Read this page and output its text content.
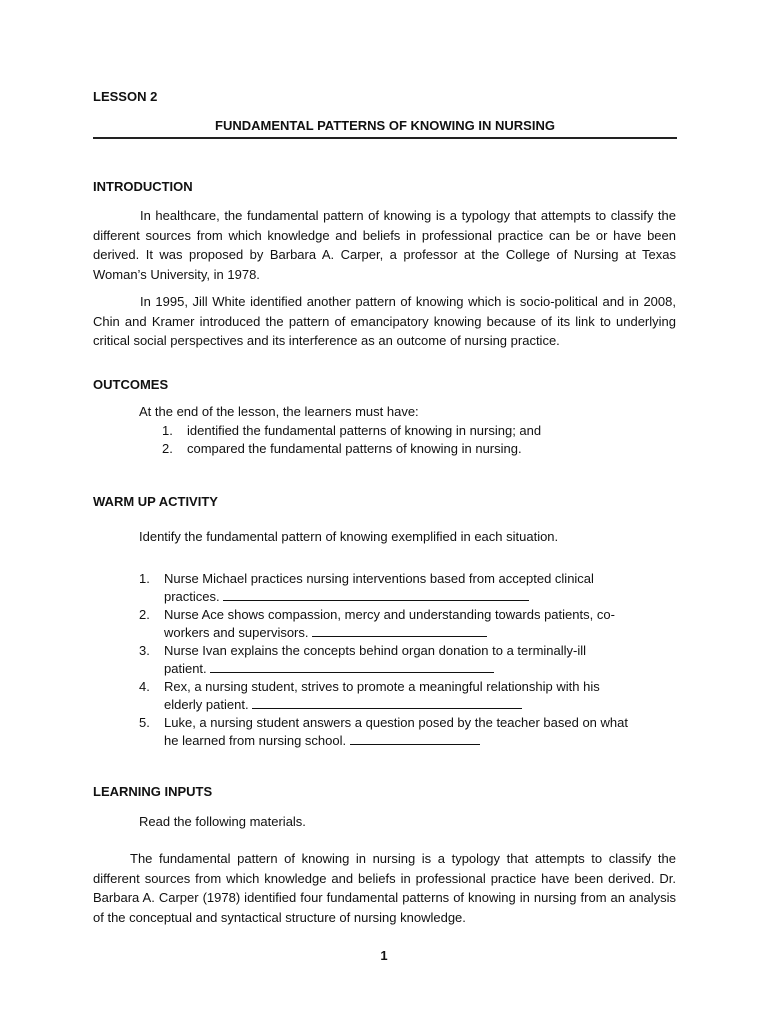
LESSON 2
FUNDAMENTAL PATTERNS OF KNOWING IN NURSING
INTRODUCTION
In healthcare, the fundamental pattern of knowing is a typology that attempts to classify the different sources from which knowledge and beliefs in professional practice can be or have been derived. It was proposed by Barbara A. Carper, a professor at the College of Nursing at Texas Woman’s University, in 1978.
In 1995, Jill White identified another pattern of knowing which is socio-political and in 2008, Chin and Kramer introduced the pattern of emancipatory knowing because of its link to underlying critical social perspectives and its interference as an outcome of nursing practice.
OUTCOMES
At the end of the lesson, the learners must have:
1. identified the fundamental patterns of knowing in nursing; and
2. compared the fundamental patterns of knowing in nursing.
WARM UP ACTIVITY
Identify the fundamental pattern of knowing exemplified in each situation.
1. Nurse Michael practices nursing interventions based from accepted clinical
practices.
2. Nurse Ace shows compassion, mercy and understanding towards patients, co-
workers and supervisors.
3. Nurse Ivan explains the concepts behind organ donation to a terminally-ill
patient.
4. Rex, a nursing student, strives to promote a meaningful relationship with his
elderly patient.
5. Luke, a nursing student answers a question posed by the teacher based on what
he learned from nursing school.
LEARNING INPUTS
Read the following materials.
The fundamental pattern of knowing in nursing is a typology that attempts to classify the different sources from which knowledge and beliefs in professional practice have been derived. Dr. Barbara A. Carper (1978) identified four fundamental patterns of knowing in nursing from an analysis of the conceptual and syntactical structure of nursing knowledge.
1
